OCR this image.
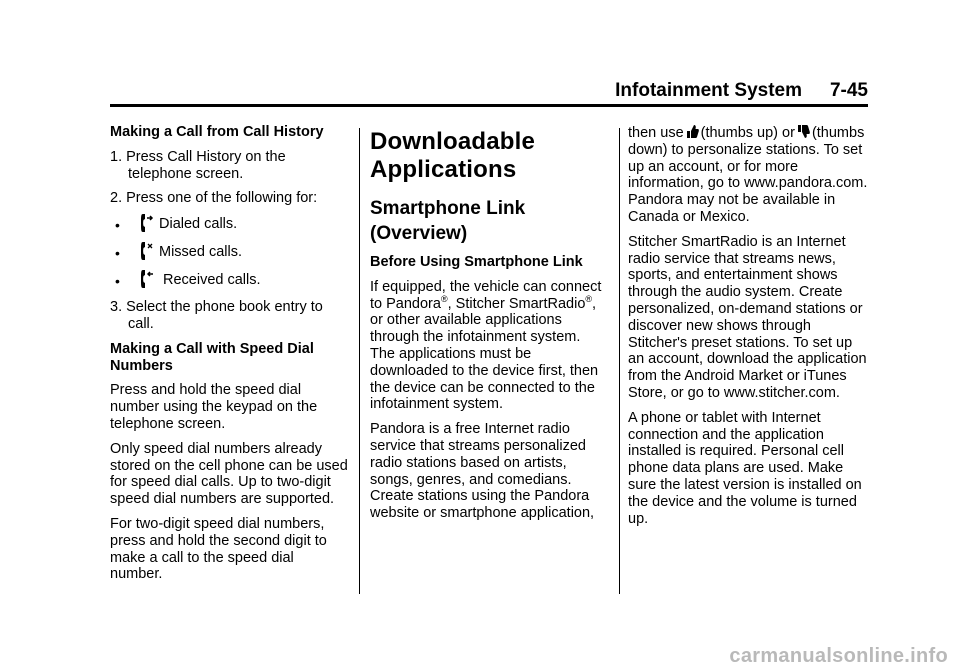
Infotainment System 7-45

Making a Call from Call History

1. Press Call History on the telephone screen.

2. Press one of the following for:

•	Dialed calls.
•	Missed calls.
•	Received calls.

3. Select the phone book entry to call.

Making a Call with Speed Dial Numbers

Press and hold the speed dial number using the keypad on the telephone screen.

Only speed dial numbers already stored on the cell phone can be used for speed dial calls. Up to two-digit speed dial numbers are supported.

For two-digit speed dial numbers, press and hold the second digit to make a call to the speed dial number.

Downloadable Applications
Smartphone Link (Overview)

Before Using Smartphone Link

If equipped, the vehicle can connect to Pandora®, Stitcher SmartRadio®, or other available applications through the infotainment system. The applications must be downloaded to the device first, then the device can be connected to the infotainment system.

Pandora is a free Internet radio service that streams personalized radio stations based on artists, songs, genres, and comedians. Create stations using the Pandora website or smartphone application,

then use (thumbs up) or (thumbs down) to personalize stations. To set up an account, or for more information, go to www.pandora.com. Pandora may not be available in Canada or Mexico.

Stitcher SmartRadio is an Internet radio service that streams news, sports, and entertainment shows through the audio system. Create personalized, on-demand stations or discover new shows through Stitcher's preset stations. To set up an account, download the application from the Android Market or iTunes Store, or go to www.stitcher.com.

A phone or tablet with Internet connection and the application installed is required. Personal cell phone data plans are used. Make sure the latest version is installed on the device and the volume is turned up.

carmanualsonline.info
